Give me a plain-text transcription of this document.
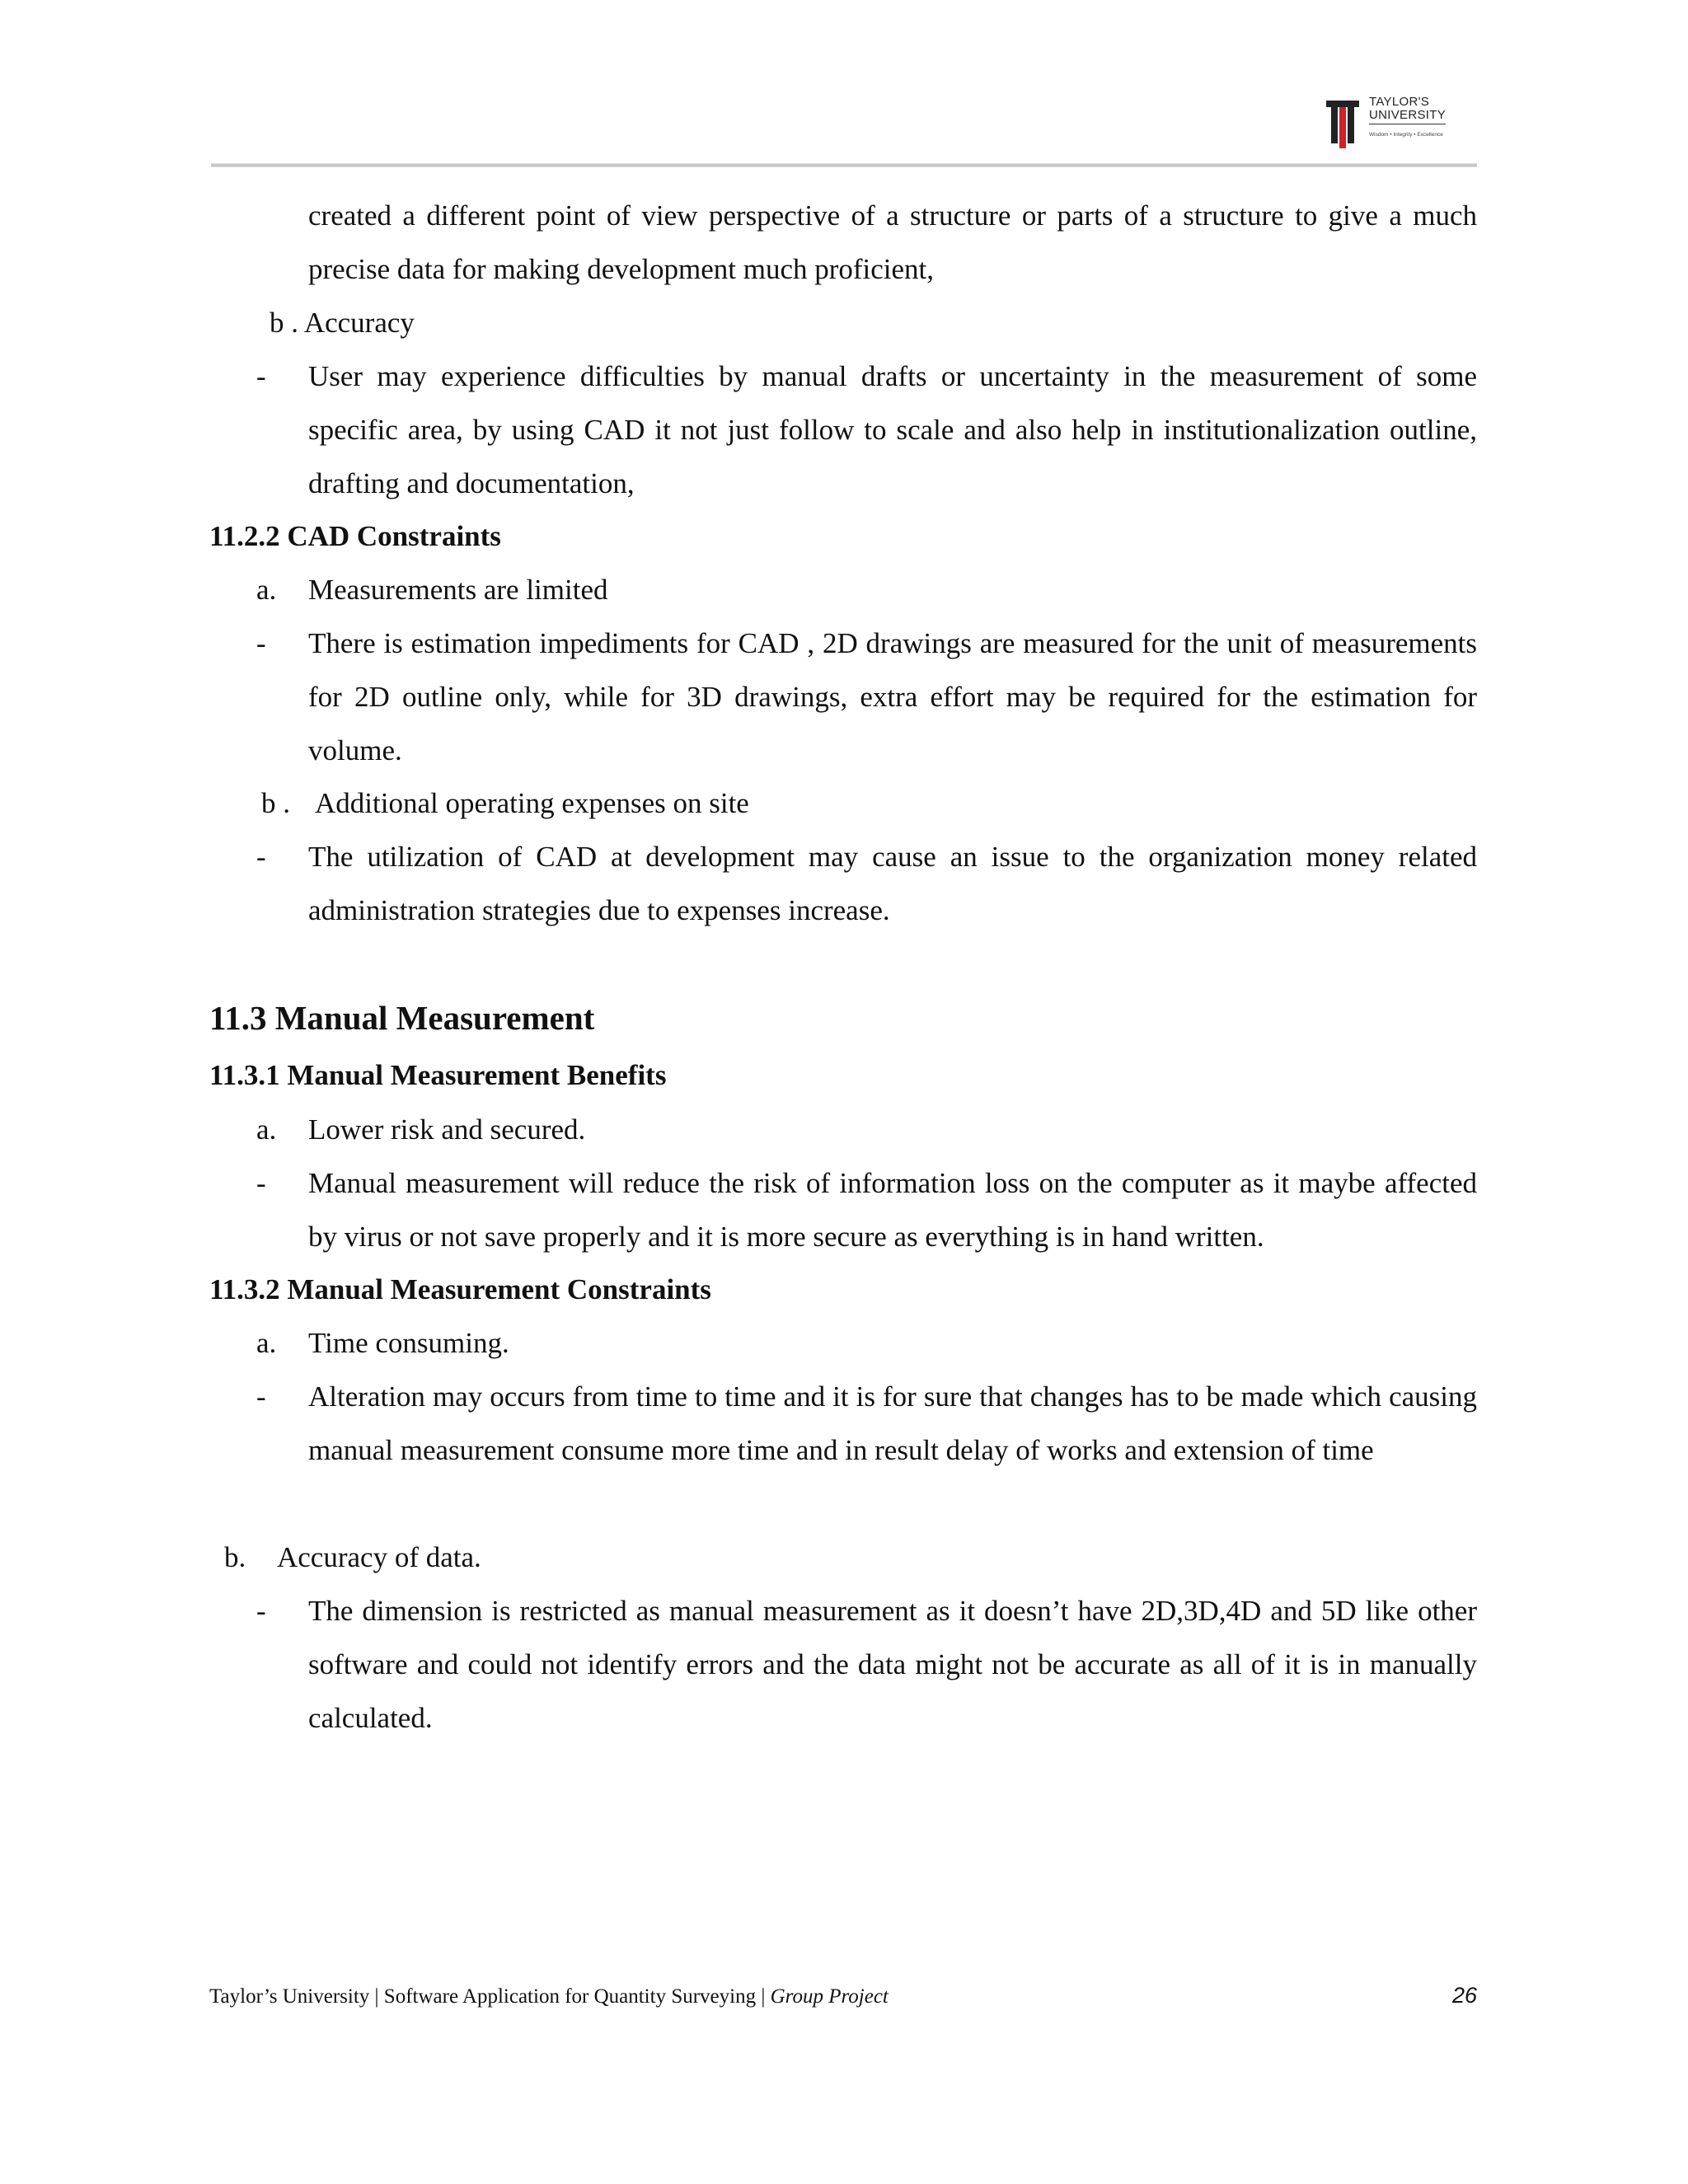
TAYLOR'S
UNIVERSITY
Wisdom • Integrity • Excellence

created a different point of view perspective of a structure or parts of a structure to give a much precise data for making development much proficient,

b . Accuracy
- User may experience difficulties by manual drafts or uncertainty in the measurement of some specific area, by using CAD it not just follow to scale and also help in institutionalization outline, drafting and documentation,

11.2.2 CAD Constraints
a. Measurements are limited
- There is estimation impediments for CAD , 2D drawings are measured for the unit of measurements for 2D outline only, while for 3D drawings, extra effort may be required for the estimation for volume.

b . Additional operating expenses on site
- The utilization of CAD at development may cause an issue to the organization money related administration strategies due to expenses increase.

11.3 Manual Measurement
11.3.1 Manual Measurement Benefits
a. Lower risk and secured.
- Manual measurement will reduce the risk of information loss on the computer as it maybe affected by virus or not save properly and it is more secure as everything is in hand written.

11.3.2 Manual Measurement Constraints
a. Time consuming.
- Alteration may occurs from time to time and it is for sure that changes has to be made which causing manual measurement consume more time and in result delay of works and extension of time

b. Accuracy of data.
- The dimension is restricted as manual measurement as it doesn’t have 2D,3D,4D and 5D like other software and could not identify errors and the data might not be accurate as all of it is in manually calculated.

Taylor’s University | Software Application for Quantity Surveying | Group Project	26
